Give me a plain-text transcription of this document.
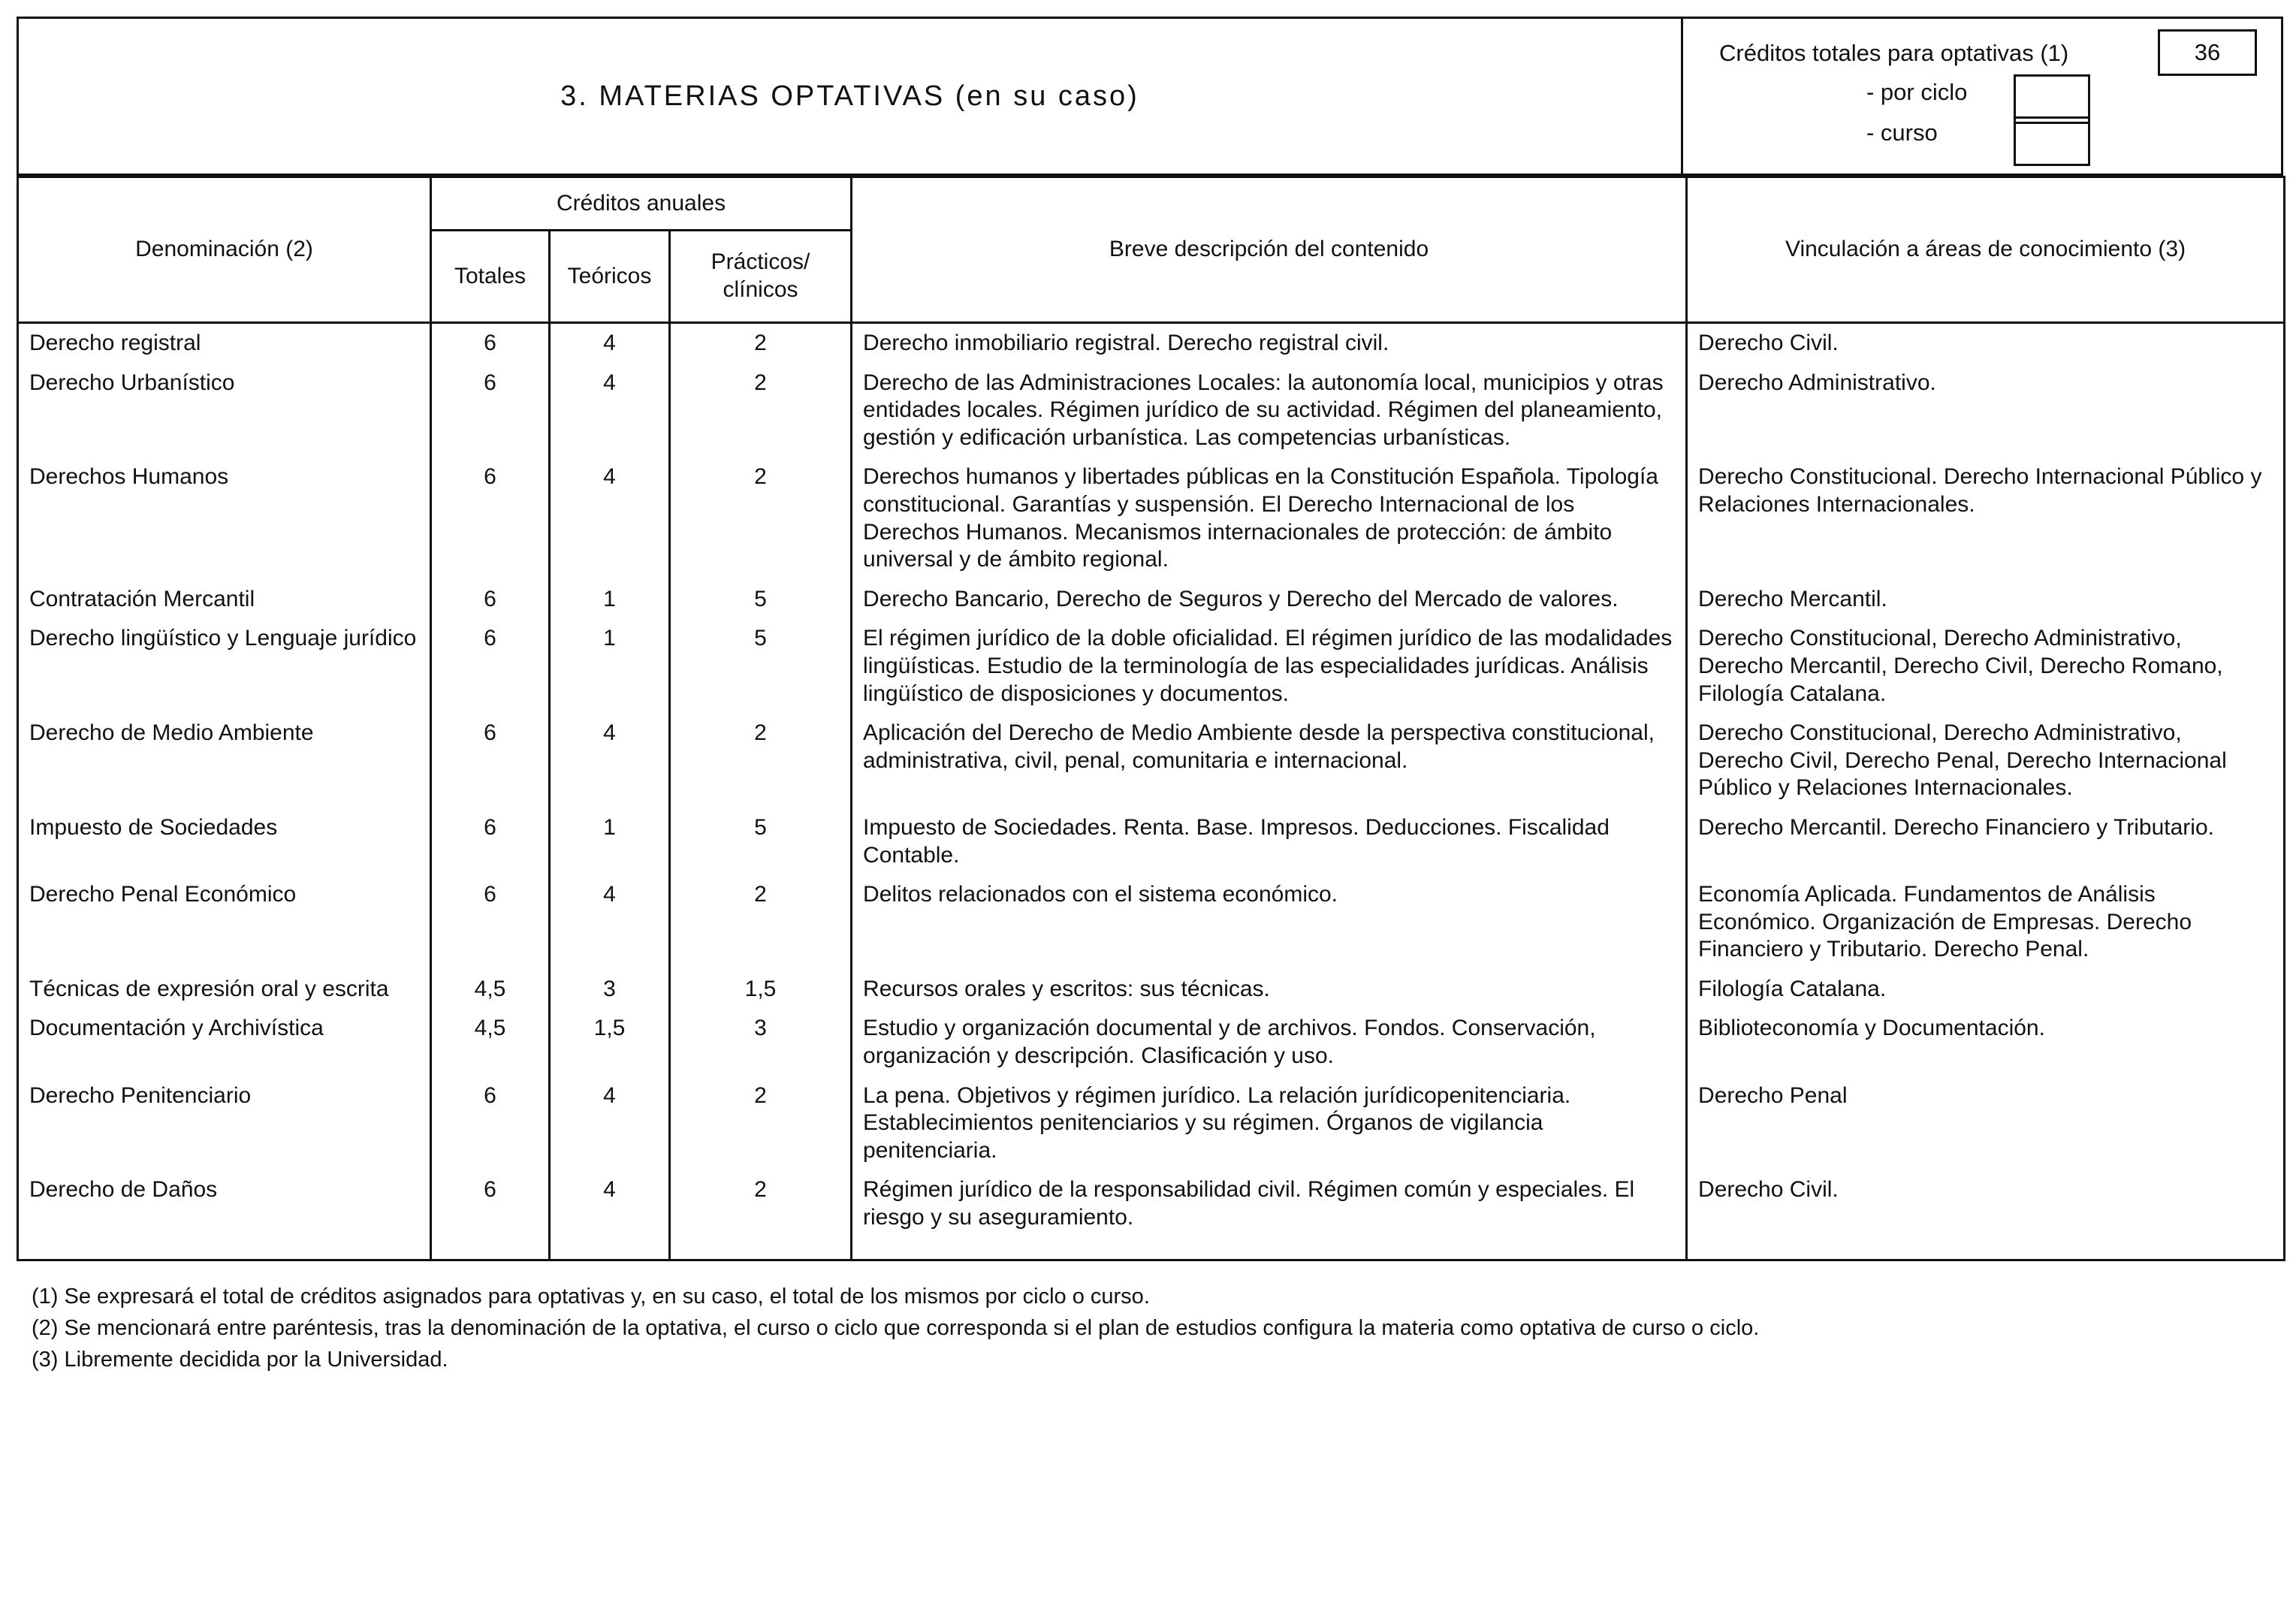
3. MATERIAS OPTATIVAS (en su caso)
Créditos totales para optativas (1)	36
- por ciclo
- curso
Denominación (2)	Créditos anuales			Breve descripción del contenido	Vinculación a áreas de conocimiento (3)
	Totales	Teóricos	Prácticos/ clínicos		
Derecho registral	6	4	2	Derecho inmobiliario registral. Derecho registral civil.	Derecho Civil.
Derecho Urbanístico	6	4	2	Derecho de las Administraciones Locales: la autonomía local, municipios y otras entidades locales. Régimen jurídico de su actividad. Régimen del planeamiento, gestión y edificación urbanística. Las competencias urbanísticas.	Derecho Administrativo.
Derechos Humanos	6	4	2	Derechos humanos y libertades públicas en la Constitución Española. Tipología constitucional. Garantías y suspensión. El Derecho Internacional de los Derechos Humanos. Mecanismos internacionales de protección: de ámbito universal y de ámbito regional.	Derecho Constitucional. Derecho Internacional Público y Relaciones Internacionales.
Contratación Mercantil	6	1	5	Derecho Bancario, Derecho de Seguros y Derecho del Mercado de valores.	Derecho Mercantil.
Derecho lingüístico y Lenguaje jurídico	6	1	5	El régimen jurídico de la doble oficialidad. El régimen jurídico de las modalidades lingüísticas. Estudio de la terminología de las especialidades jurídicas. Análisis lingüístico de disposiciones y documentos.	Derecho Constitucional, Derecho Administrativo, Derecho Mercantil, Derecho Civil, Derecho Romano, Filología Catalana.
Derecho de Medio Ambiente	6	4	2	Aplicación del Derecho de Medio Ambiente desde la perspectiva constitucional, administrativa, civil, penal, comunitaria e internacional.	Derecho Constitucional, Derecho Administrativo, Derecho Civil, Derecho Penal, Derecho Internacional Público y Relaciones Internacionales.
Impuesto de Sociedades	6	1	5	Impuesto de Sociedades. Renta. Base. Impresos. Deducciones. Fiscalidad Contable.	Derecho Mercantil. Derecho Financiero y Tributario.
Derecho Penal Económico	6	4	2	Delitos relacionados con el sistema económico.	Economía Aplicada. Fundamentos de Análisis Económico. Organización de Empresas. Derecho Financiero y Tributario. Derecho Penal.
Técnicas de expresión oral y escrita	4,5	3	1,5	Recursos orales y escritos: sus técnicas.	Filología Catalana.
Documentación y Archivística	4,5	1,5	3	Estudio y organización documental y de archivos. Fondos. Conservación, organización y descripción. Clasificación y uso.	Biblioteconomía y Documentación.
Derecho Penitenciario	6	4	2	La pena. Objetivos y régimen jurídico. La relación jurídicopenitenciaria. Establecimientos penitenciarios y su régimen. Órganos de vigilancia penitenciaria.	Derecho Penal
Derecho de Daños	6	4	2	Régimen jurídico de la responsabilidad civil. Régimen común y especiales. El riesgo y su aseguramiento.	Derecho Civil.
(1) Se expresará el total de créditos asignados para optativas y, en su caso, el total de los mismos por ciclo o curso.
(2) Se mencionará entre paréntesis, tras la denominación de la optativa, el curso o ciclo que corresponda si el plan de estudios configura la materia como optativa de curso o ciclo.
(3) Libremente decidida por la Universidad.
